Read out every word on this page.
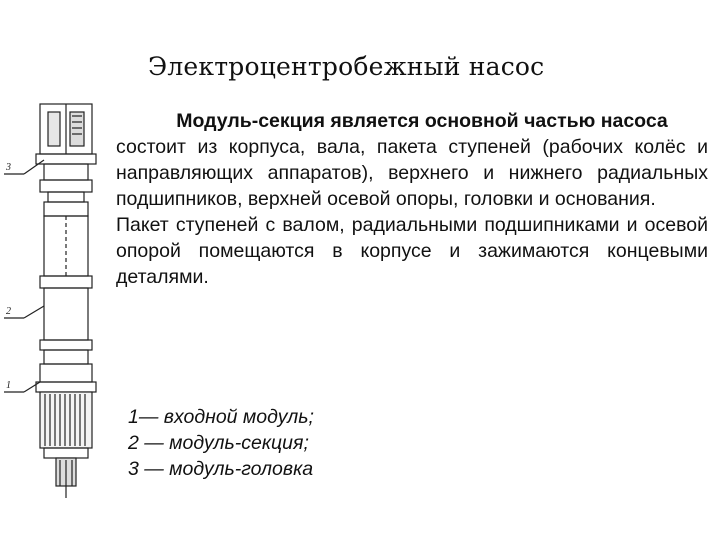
Электроцентробежный насос
3
2
1
Модуль-секция является основной частью насоса
состоит из корпуса, вала, пакета ступеней (рабочих колёс и направляющих аппаратов), верхнего и нижнего радиальных подшипников, верхней осевой опоры, головки и основания.
Пакет ступеней с валом, радиальными подшипниками и осевой опорой помещаются в корпусе и зажимаются концевыми деталями.
1— входной модуль;
2 — модуль-секция;
3 — модуль-головка
